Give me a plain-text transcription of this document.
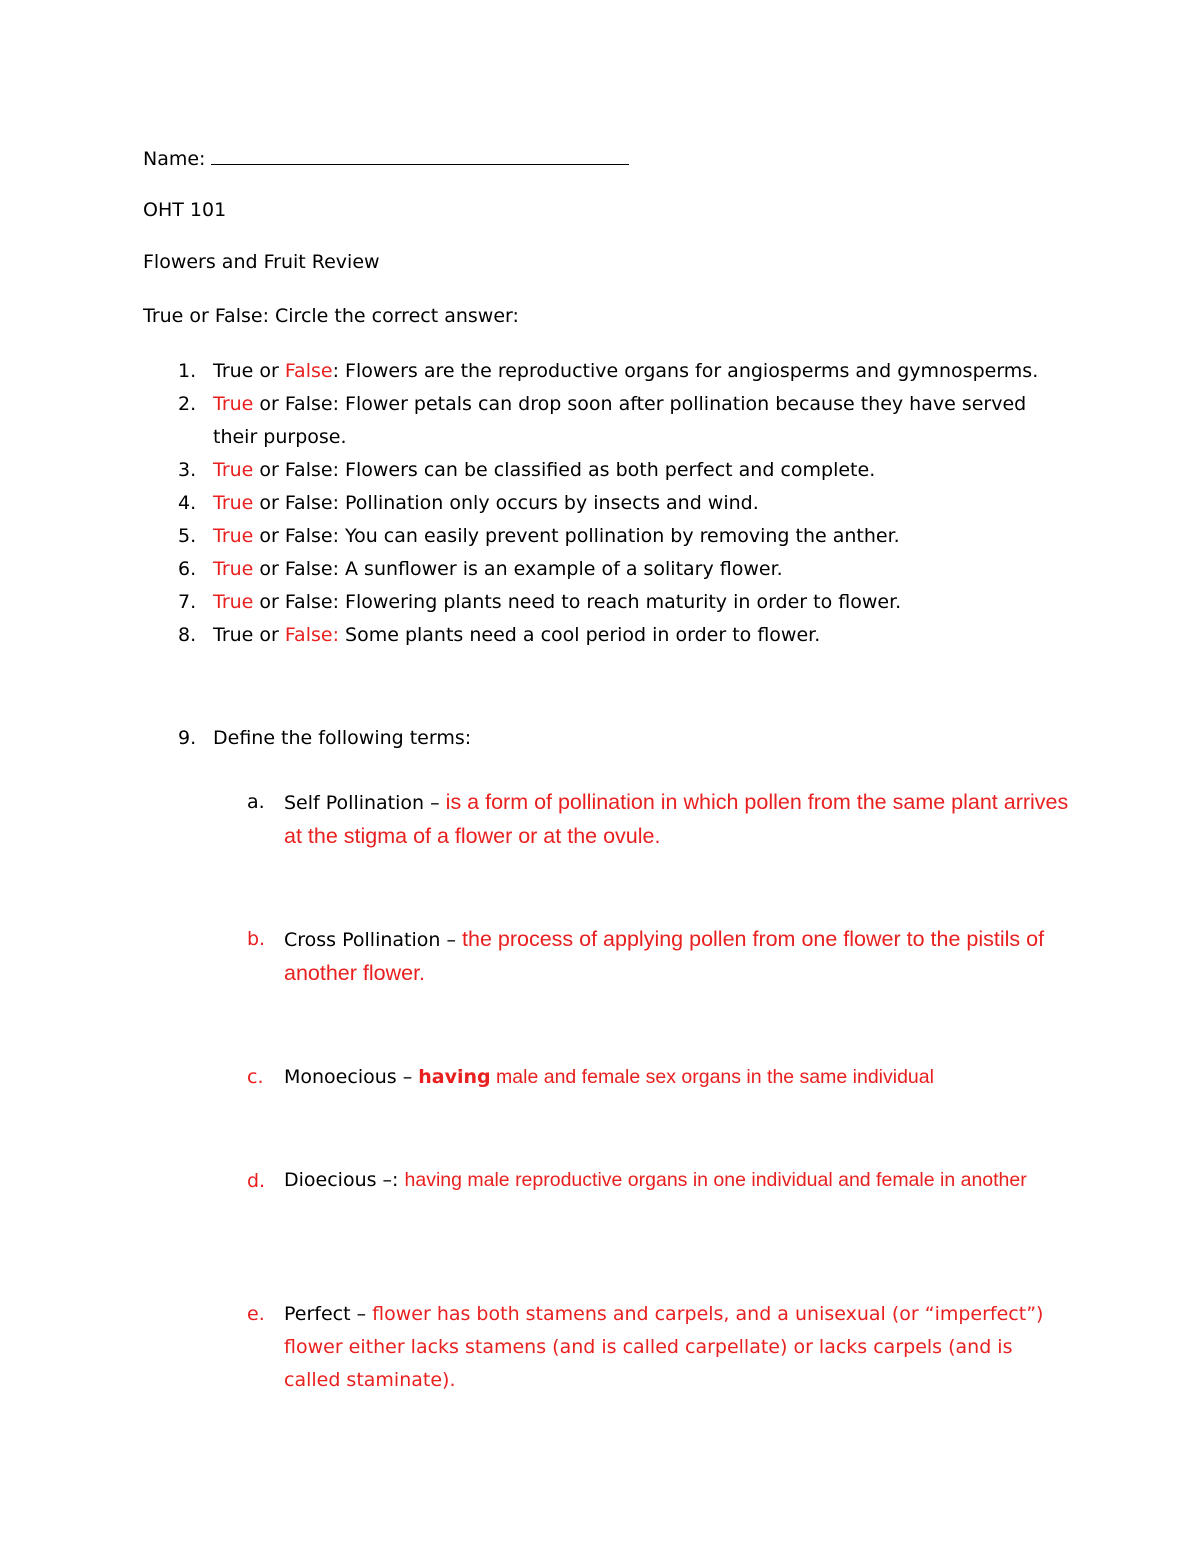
Name:
OHT 101
Flowers and Fruit Review
True or False: Circle the correct answer:
1. True or False: Flowers are the reproductive organs for angiosperms and gymnosperms.
2. True or False: Flower petals can drop soon after pollination because they have served their purpose.
3. True or False: Flowers can be classified as both perfect and complete.
4. True or False: Pollination only occurs by insects and wind.
5. True or False: You can easily prevent pollination by removing the anther.
6. True or False: A sunflower is an example of a solitary flower.
7. True or False: Flowering plants need to reach maturity in order to flower.
8. True or False: Some plants need a cool period in order to flower.
9. Define the following terms:
a. Self Pollination – is a form of pollination in which pollen from the same plant arrives at the stigma of a flower or at the ovule.
b. Cross Pollination – the process of applying pollen from one flower to the pistils of another flower.
c. Monoecious – having male and female sex organs in the same individual
d. Dioecious –: having male reproductive organs in one individual and female in another
e. Perfect – flower has both stamens and carpels, and a unisexual (or “imperfect”) flower either lacks stamens (and is called carpellate) or lacks carpels (and is called staminate).
